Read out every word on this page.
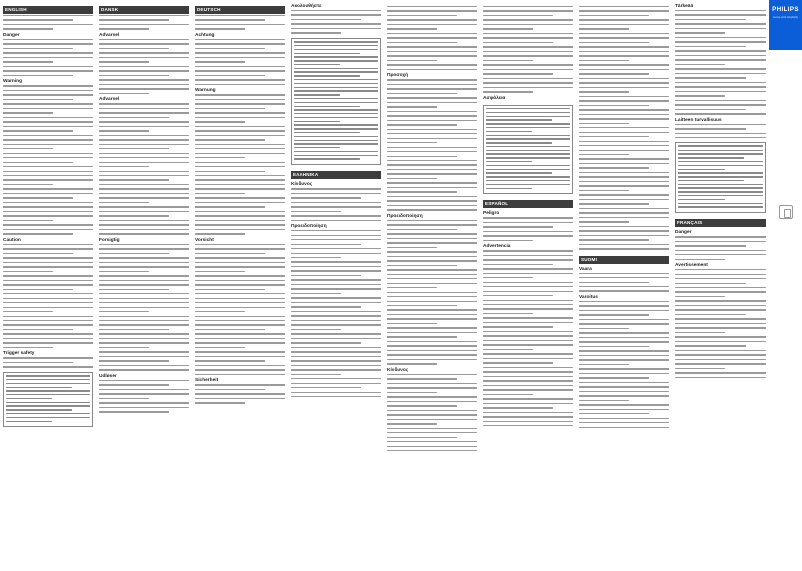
ENGLISH
Danger
Warning
Caution
Trigger safety
DANSK
Advarsel
Advarsel
Forsigtig
Udløser
DEUTSCH
Achtung
Warnung
Vorsicht
Sicherheit
Ακολουθήστε
ΕΛΛΗΝΙΚΑ
Κίνδυνος
Προειδοποίηση
Προσοχή
Προειδοποίηση
Κίνδυνος
Ασφάλεια
ESPAÑOL
Peligro
Advertencia
SUOMI
Vaara
Varoitus
Tärkeää
Laitteen turvallisuus
FRANÇAIS
Danger
Avertissement
PHILIPS
sense and simplicity
